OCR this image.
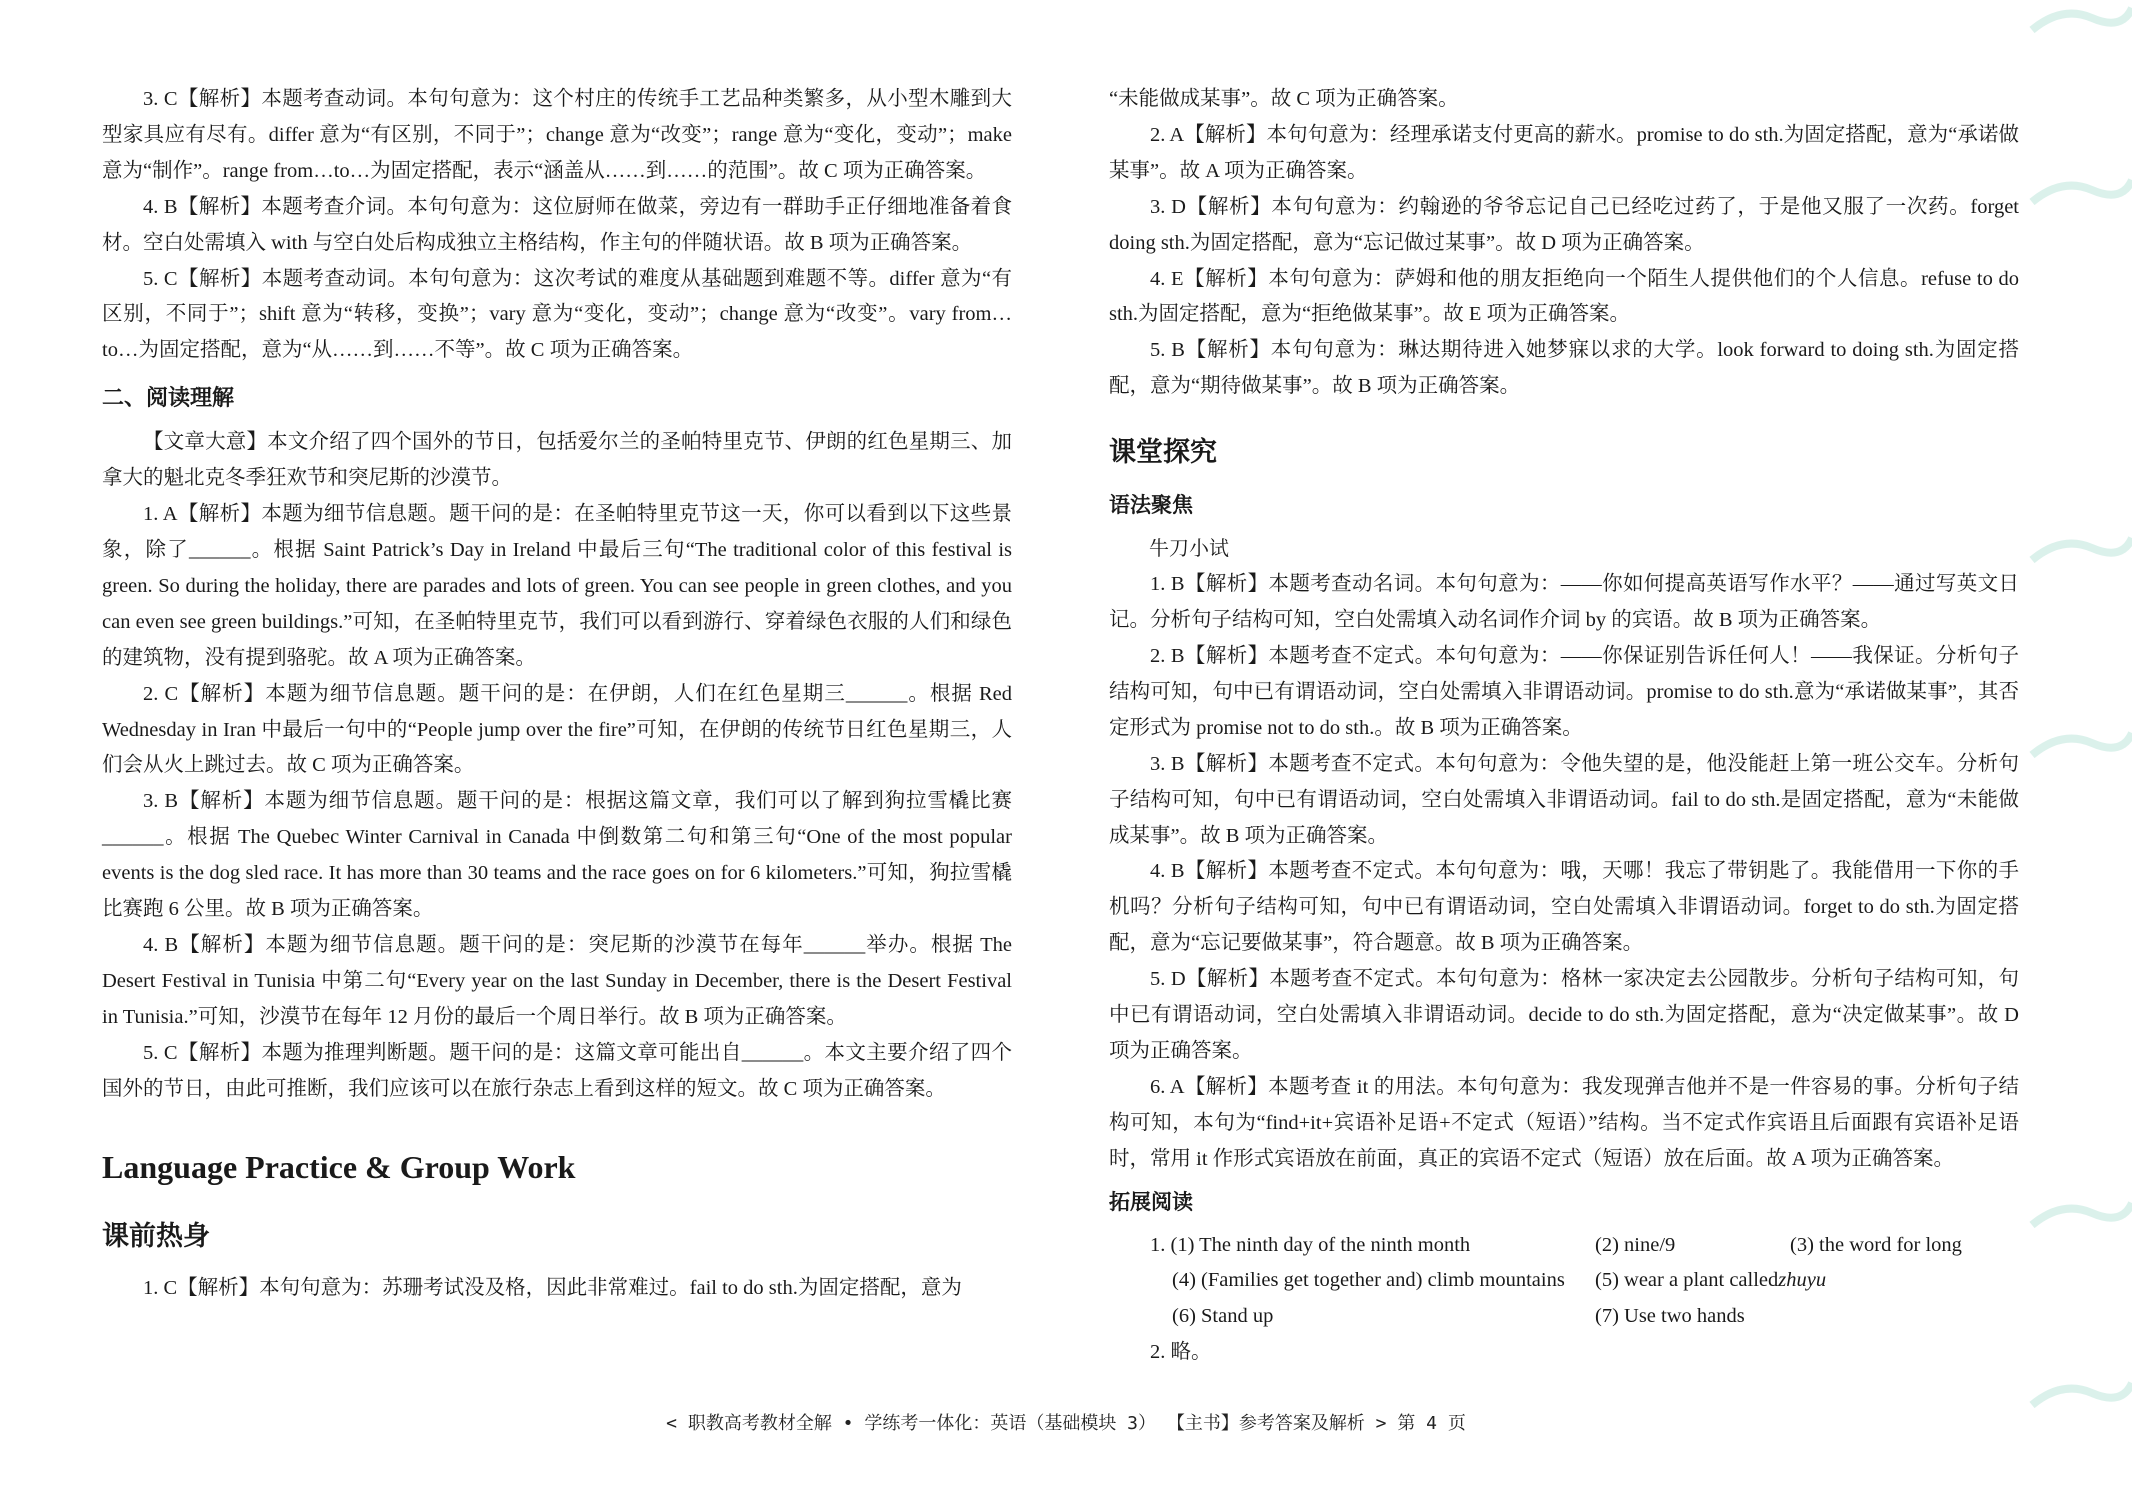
3. C【解析】本题考查动词。本句句意为：这个村庄的传统手工艺品种类繁多，从小型木雕到大型家具应有尽有。differ 意为“有区别，不同于”；change 意为“改变”；range 意为“变化，变动”；make 意为“制作”。range from…to…为固定搭配，表示“涵盖从……到……的范围”。故 C 项为正确答案。

4. B【解析】本题考查介词。本句句意为：这位厨师在做菜，旁边有一群助手正仔细地准备着食材。空白处需填入 with 与空白处后构成独立主格结构，作主句的伴随状语。故 B 项为正确答案。

5. C【解析】本题考查动词。本句句意为：这次考试的难度从基础题到难题不等。differ 意为“有区别，不同于”；shift 意为“转移，变换”；vary 意为“变化，变动”；change 意为“改变”。vary from…to…为固定搭配，意为“从……到……不等”。故 C 项为正确答案。

二、阅读理解

【文章大意】本文介绍了四个国外的节日，包括爱尔兰的圣帕特里克节、伊朗的红色星期三、加拿大的魁北克冬季狂欢节和突尼斯的沙漠节。

1. A【解析】本题为细节信息题。题干问的是：在圣帕特里克节这一天，你可以看到以下这些景象，除了______。根据 Saint Patrick’s Day in Ireland 中最后三句“The traditional color of this festival is green. So during the holiday, there are parades and lots of green. You can see people in green clothes, and you can even see green buildings.”可知，在圣帕特里克节，我们可以看到游行、穿着绿色衣服的人们和绿色的建筑物，没有提到骆驼。故 A 项为正确答案。

2. C【解析】本题为细节信息题。题干问的是：在伊朗，人们在红色星期三______。根据 Red Wednesday in Iran 中最后一句中的“People jump over the fire”可知，在伊朗的传统节日红色星期三，人们会从火上跳过去。故 C 项为正确答案。

3. B【解析】本题为细节信息题。题干问的是：根据这篇文章，我们可以了解到狗拉雪橇比赛______。根据 The Quebec Winter Carnival in Canada 中倒数第二句和第三句“One of the most popular events is the dog sled race. It has more than 30 teams and the race goes on for 6 kilometers.”可知，狗拉雪橇比赛跑 6 公里。故 B 项为正确答案。

4. B【解析】本题为细节信息题。题干问的是：突尼斯的沙漠节在每年______举办。根据 The Desert Festival in Tunisia 中第二句“Every year on the last Sunday in December, there is the Desert Festival in Tunisia.”可知，沙漠节在每年 12 月份的最后一个周日举行。故 B 项为正确答案。

5. C【解析】本题为推理判断题。题干问的是：这篇文章可能出自______。本文主要介绍了四个国外的节日，由此可推断，我们应该可以在旅行杂志上看到这样的短文。故 C 项为正确答案。

Language Practice & Group Work
课前热身

1. C【解析】本句句意为：苏珊考试没及格，因此非常难过。fail to do sth.为固定搭配，意为

“未能做成某事”。故 C 项为正确答案。

2. A【解析】本句句意为：经理承诺支付更高的薪水。promise to do sth.为固定搭配，意为“承诺做某事”。故 A 项为正确答案。

3. D【解析】本句句意为：约翰逊的爷爷忘记自己已经吃过药了，于是他又服了一次药。forget doing sth.为固定搭配，意为“忘记做过某事”。故 D 项为正确答案。

4. E【解析】本句句意为：萨姆和他的朋友拒绝向一个陌生人提供他们的个人信息。refuse to do sth.为固定搭配，意为“拒绝做某事”。故 E 项为正确答案。

5. B【解析】本句句意为：琳达期待进入她梦寐以求的大学。look forward to doing sth.为固定搭配，意为“期待做某事”。故 B 项为正确答案。

课堂探究
语法聚焦
牛刀小试

1. B【解析】本题考查动名词。本句句意为：——你如何提高英语写作水平？——通过写英文日记。分析句子结构可知，空白处需填入动名词作介词 by 的宾语。故 B 项为正确答案。

2. B【解析】本题考查不定式。本句句意为：——你保证别告诉任何人！——我保证。分析句子结构可知，句中已有谓语动词，空白处需填入非谓语动词。promise to do sth.意为“承诺做某事”，其否定形式为 promise not to do sth.。故 B 项为正确答案。

3. B【解析】本题考查不定式。本句句意为：令他失望的是，他没能赶上第一班公交车。分析句子结构可知，句中已有谓语动词，空白处需填入非谓语动词。fail to do sth.是固定搭配，意为“未能做成某事”。故 B 项为正确答案。

4. B【解析】本题考查不定式。本句句意为：哦，天哪！我忘了带钥匙了。我能借用一下你的手机吗？分析句子结构可知，句中已有谓语动词，空白处需填入非谓语动词。forget to do sth.为固定搭配，意为“忘记要做某事”，符合题意。故 B 项为正确答案。

5. D【解析】本题考查不定式。本句句意为：格林一家决定去公园散步。分析句子结构可知，句中已有谓语动词，空白处需填入非谓语动词。decide to do sth.为固定搭配，意为“决定做某事”。故 D 项为正确答案。

6. A【解析】本题考查 it 的用法。本句句意为：我发现弹吉他并不是一件容易的事。分析句子结构可知，本句为“find+it+宾语补足语+不定式（短语）”结构。当不定式作宾语且后面跟有宾语补足语时，常用 it 作形式宾语放在前面，真正的宾语不定式（短语）放在后面。故 A 项为正确答案。

拓展阅读
1. (1) The ninth day of the ninth month	(2) nine/9	(3) the word for long
(4) (Families get together and) climb mountains	(5) wear a plant calledzhuyu
(6) Stand up	(7) Use two hands
2. 略。
< 职教高考教材全解 • 学练考一体化：英语（基础模块 3） 【主书】参考答案及解析 > 第 4 页
